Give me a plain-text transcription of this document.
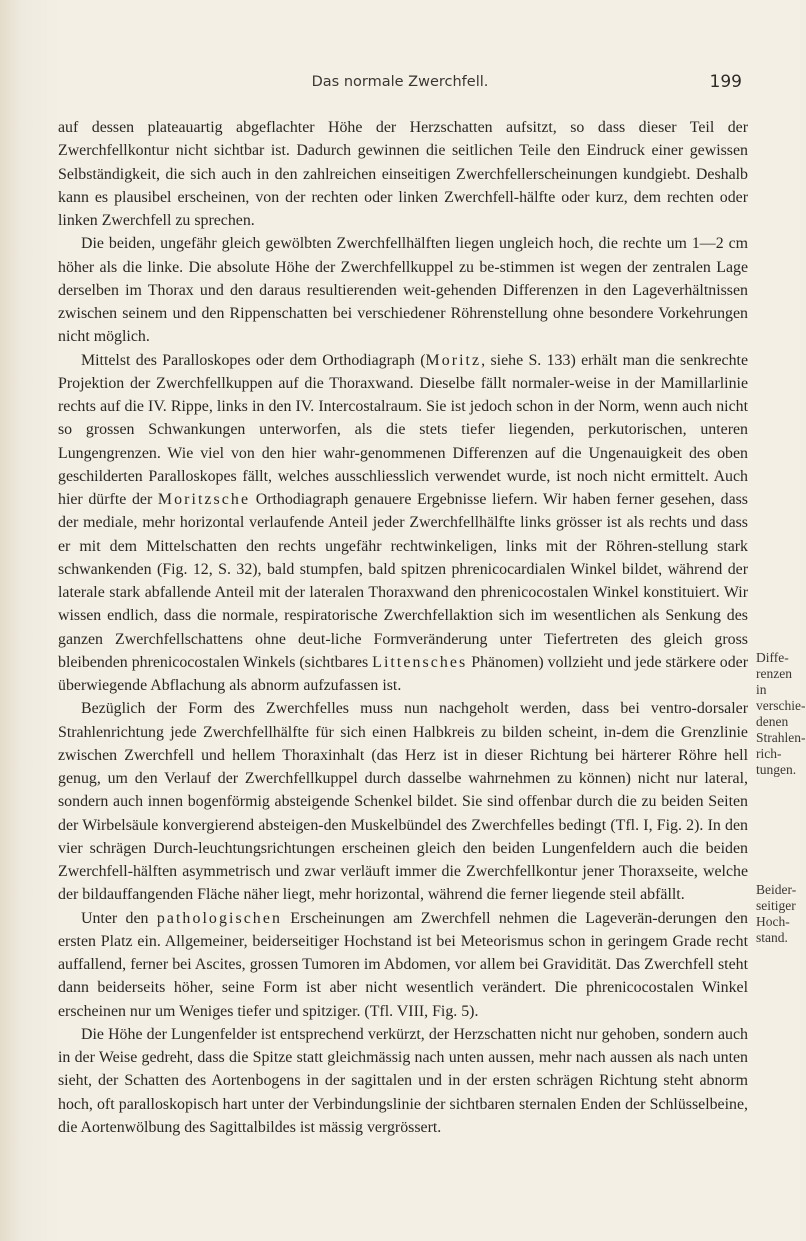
Das normale Zwerchfell.	199

auf dessen plateauartig abgeflachter Höhe der Herzschatten aufsitzt, so dass dieser Teil der Zwerchfellkontur nicht sichtbar ist. Dadurch gewinnen die seitlichen Teile den Eindruck einer gewissen Selbständigkeit, die sich auch in den zahlreichen einseitigen Zwerchfellerscheinungen kundgiebt. Deshalb kann es plausibel erscheinen, von der rechten oder linken Zwerchfell-hälfte oder kurz, dem rechten oder linken Zwerchfell zu sprechen.

Die beiden, ungefähr gleich gewölbten Zwerchfellhälften liegen ungleich hoch, die rechte um 1—2 cm höher als die linke. Die absolute Höhe der Zwerchfellkuppel zu be-stimmen ist wegen der zentralen Lage derselben im Thorax und den daraus resultierenden weit-gehenden Differenzen in den Lageverhältnissen zwischen seinem und den Rippenschatten bei verschiedener Röhrenstellung ohne besondere Vorkehrungen nicht möglich.

Mittelst des Paralloskopes oder dem Orthodiagraph (Moritz, siehe S. 133) erhält man die senkrechte Projektion der Zwerchfellkuppen auf die Thoraxwand. Dieselbe fällt normaler-weise in der Mamillarlinie rechts auf die IV. Rippe, links in den IV. Intercostalraum. Sie ist jedoch schon in der Norm, wenn auch nicht so grossen Schwankungen unterworfen, als die stets tiefer liegenden, perkutorischen, unteren Lungengrenzen. Wie viel von den hier wahr-genommenen Differenzen auf die Ungenauigkeit des oben geschilderten Paralloskopes fällt, welches ausschliesslich verwendet wurde, ist noch nicht ermittelt. Auch hier dürfte der Moritzsche Orthodiagraph genauere Ergebnisse liefern. Wir haben ferner gesehen, dass der mediale, mehr horizontal verlaufende Anteil jeder Zwerchfellhälfte links grösser ist als rechts und dass er mit dem Mittelschatten den rechts ungefähr rechtwinkeligen, links mit der Röhren-stellung stark schwankenden (Fig. 12, S. 32), bald stumpfen, bald spitzen phrenicocardialen Winkel bildet, während der laterale stark abfallende Anteil mit der lateralen Thoraxwand den phrenicocostalen Winkel konstituiert. Wir wissen endlich, dass die normale, respiratorische Zwerchfellaktion sich im wesentlichen als Senkung des ganzen Zwerchfellschattens ohne deut-liche Formveränderung unter Tiefertreten des gleich gross bleibenden phrenicocostalen Winkels (sichtbares Littensches Phänomen) vollzieht und jede stärkere oder überwiegende Abflachung als abnorm aufzufassen ist.

Bezüglich der Form des Zwerchfelles muss nun nachgeholt werden, dass bei ventro-dorsaler Strahlenrichtung jede Zwerchfellhälfte für sich einen Halbkreis zu bilden scheint, in-dem die Grenzlinie zwischen Zwerchfell und hellem Thoraxinhalt (das Herz ist in dieser Richtung bei härterer Röhre hell genug, um den Verlauf der Zwerchfellkuppel durch dasselbe wahrnehmen zu können) nicht nur lateral, sondern auch innen bogenförmig absteigende Schenkel bildet. Sie sind offenbar durch die zu beiden Seiten der Wirbelsäule konvergierend absteigen-den Muskelbündel des Zwerchfelles bedingt (Tfl. I, Fig. 2). In den vier schrägen Durch-leuchtungsrichtungen erscheinen gleich den beiden Lungenfeldern auch die beiden Zwerchfell-hälften asymmetrisch und zwar verläuft immer die Zwerchfellkontur jener Thoraxseite, welche der bildauffangenden Fläche näher liegt, mehr horizontal, während die ferner liegende steil abfällt.

Unter den pathologischen Erscheinungen am Zwerchfell nehmen die Lageverän-derungen den ersten Platz ein. Allgemeiner, beiderseitiger Hochstand ist bei Meteorismus schon in geringem Grade recht auffallend, ferner bei Ascites, grossen Tumoren im Abdomen, vor allem bei Gravidität. Das Zwerchfell steht dann beiderseits höher, seine Form ist aber nicht wesentlich verändert. Die phrenicocostalen Winkel erscheinen nur um Weniges tiefer und spitziger. (Tfl. VIII, Fig. 5).

Die Höhe der Lungenfelder ist entsprechend verkürzt, der Herzschatten nicht nur gehoben, sondern auch in der Weise gedreht, dass die Spitze statt gleichmässig nach unten aussen, mehr nach aussen als nach unten sieht, der Schatten des Aortenbogens in der sagittalen und in der ersten schrägen Richtung steht abnorm hoch, oft paralloskopisch hart unter der Verbindungslinie der sichtbaren sternalen Enden der Schlüsselbeine, die Aortenwölbung des Sagittalbildes ist mässig vergrössert.

Diffe-renzen in verschie-denen Strahlen-rich-tungen.
Beider-seitiger Hoch-stand.
